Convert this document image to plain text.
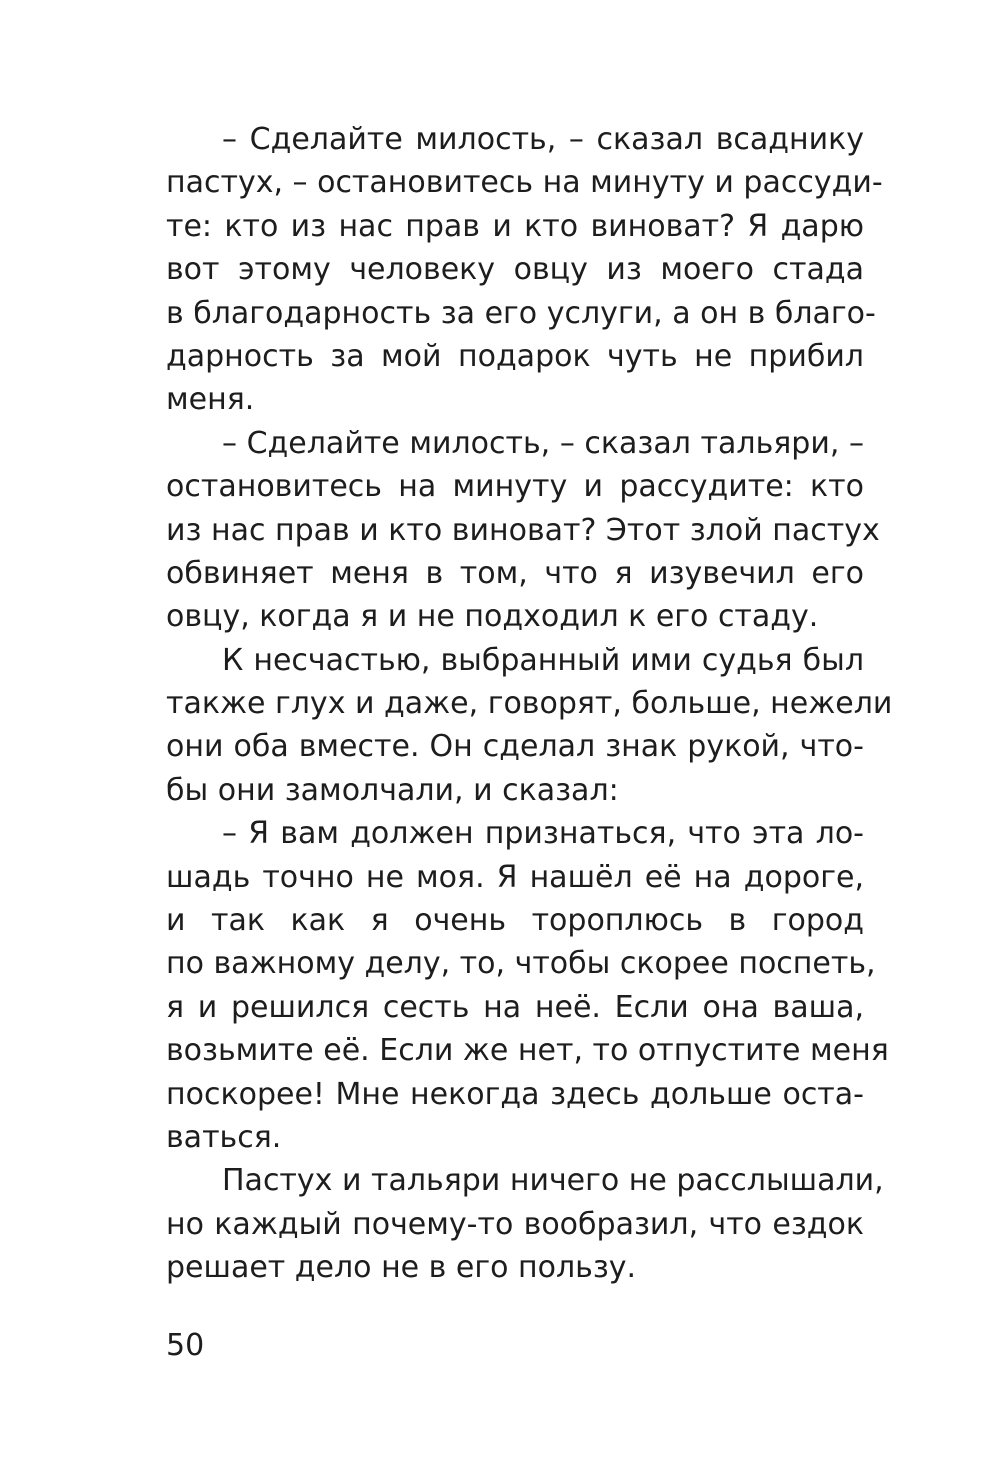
– Сделайте милость, – сказал всаднику
пастух, – остановитесь на минуту и рассуди-
те: кто из нас прав и кто виноват? Я дарю
вот этому человеку овцу из моего стада
в благодарность за его услуги, а он в благо-
дарность за мой подарок чуть не прибил
меня.
– Сделайте милость, – сказал тальяри, –
остановитесь на минуту и рассудите: кто
из нас прав и кто виноват? Этот злой пастух
обвиняет меня в том, что я изувечил его
овцу, когда я и не подходил к его стаду.
К несчастью, выбранный ими судья был
также глух и даже, говорят, больше, нежели
они оба вместе. Он сделал знак рукой, что-
бы они замолчали, и сказал:
– Я вам должен признаться, что эта ло-
шадь точно не моя. Я нашёл её на дороге,
и так как я очень тороплюсь в город
по важному делу, то, чтобы скорее поспеть,
я и решился сесть на неё. Если она ваша,
возьмите её. Если же нет, то отпустите меня
поскорее! Мне некогда здесь дольше оста-
ваться.
Пастух и тальяри ничего не расслышали,
но каждый почему-то вообразил, что ездок
решает дело не в его пользу.
50
